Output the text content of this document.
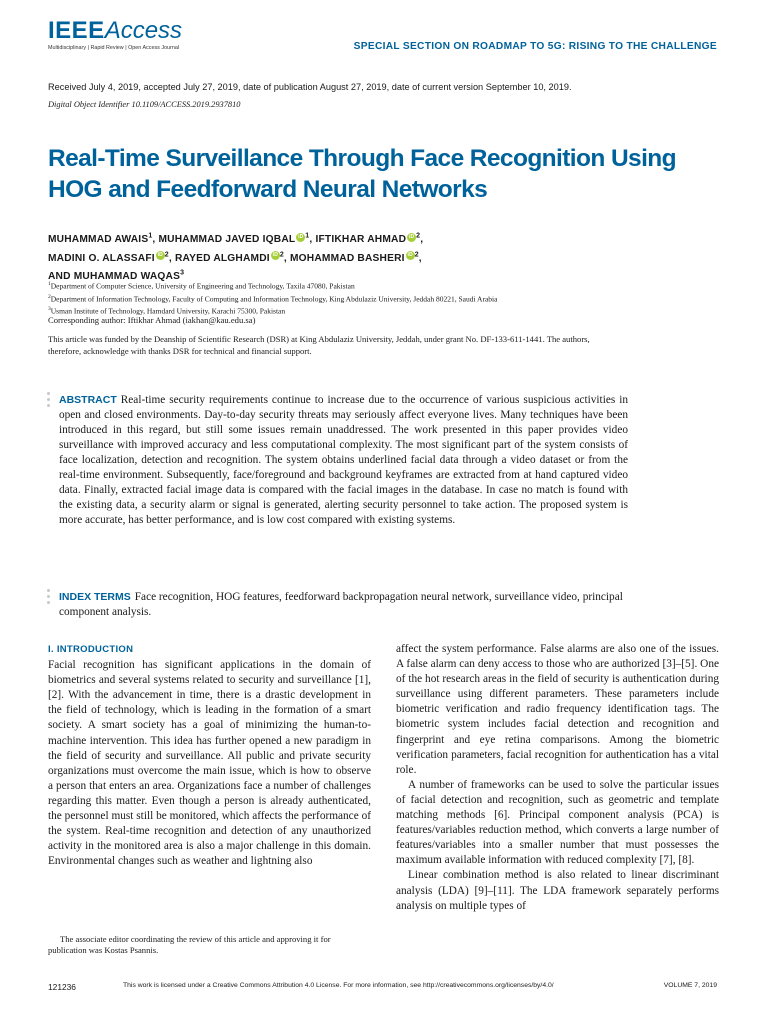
IEEEAccess
Multidisciplinary | Rapid Review | Open Access Journal	SPECIAL SECTION ON ROADMAP TO 5G: RISING TO THE CHALLENGE
Received July 4, 2019, accepted July 27, 2019, date of publication August 27, 2019, date of current version September 10, 2019.
Digital Object Identifier 10.1109/ACCESS.2019.2937810
Real-Time Surveillance Through Face Recognition Using HOG and Feedforward Neural Networks
MUHAMMAD AWAIS$^1$, MUHAMMAD JAVED IQBAL iD $^1$, IFTIKHAR AHMAD iD $^2$,
MADINI O. ALASSAFI iD $^2$, RAYED ALGHAMDI iD $^2$, MOHAMMAD BASHERI iD $^2$,
AND MUHAMMAD WAQAS$^3$
$^1$Department of Computer Science, University of Engineering and Technology, Taxila 47080, Pakistan
$^2$Department of Information Technology, Faculty of Computing and Information Technology, King Abdulaziz University, Jeddah 80221, Saudi Arabia
$^3$Usman Institute of Technology, Hamdard University, Karachi 75300, Pakistan
Corresponding author: Iftikhar Ahmad (iakhan@kau.edu.sa)
This article was funded by the Deanship of Scientific Research (DSR) at King Abdulaziz University, Jeddah, under grant No. DF-133-611-1441. The authors, therefore, acknowledge with thanks DSR for technical and financial support.
ABSTRACT Real-time security requirements continue to increase due to the occurrence of various suspicious activities in open and closed environments. Day-to-day security threats may seriously affect everyone lives. Many techniques have been introduced in this regard, but still some issues remain unaddressed. The work presented in this paper provides video surveillance with improved accuracy and less computational complexity. The most significant part of the system consists of face localization, detection and recognition. The system obtains underlined facial data through a video dataset or from the real-time environment. Subsequently, face/foreground and background keyframes are extracted from at hand captured video data. Finally, extracted facial image data is compared with the facial images in the database. In case no match is found with the existing data, a security alarm or signal is generated, alerting security personnel to take action. The proposed system is more accurate, has better performance, and is low cost compared with existing systems.
INDEX TERMS Face recognition, HOG features, feedforward backpropagation neural network, surveillance video, principal component analysis.
I. INTRODUCTION

Facial recognition has significant applications in the domain of biometrics and several systems related to security and surveillance [1], [2]. With the advancement in time, there is a drastic development in the field of technology, which is leading in the formation of a smart society. A smart society has a goal of minimizing the human-to-machine intervention. This idea has further opened a new paradigm in the field of security and surveillance. All public and private security organizations must overcome the main issue, which is how to observe a person that enters an area. Organizations face a number of challenges regarding this matter. Even though a person is already authenticated, the personnel must still be monitored, which affects the performance of the system. Real-time recognition and detection of any unauthorized activity in the monitored area is also a major challenge in this domain. Environmental changes such as weather and lightning also

affect the system performance. False alarms are also one of the issues. A false alarm can deny access to those who are authorized [3]–[5]. One of the hot research areas in the field of security is authentication during surveillance using different parameters. These parameters include biometric verification and radio frequency identification tags. The biometric system includes facial detection and recognition and fingerprint and eye retina comparisons. Among the biometric verification parameters, facial recognition for authentication has a vital role.

A number of frameworks can be used to solve the particular issues of facial detection and recognition, such as geometric and template matching methods [6]. Principal component analysis (PCA) is features/variables reduction method, which converts a large number of features/variables into a smaller number that must possesses the maximum available information with reduced complexity [7], [8].

Linear combination method is also related to linear discriminant analysis (LDA) [9]–[11]. The LDA framework separately performs analysis on multiple types of

The associate editor coordinating the review of this article and approving it for publication was Kostas Psannis.
121236	This work is licensed under a Creative Commons Attribution 4.0 License. For more information, see http://creativecommons.org/licenses/by/4.0/	VOLUME 7, 2019
